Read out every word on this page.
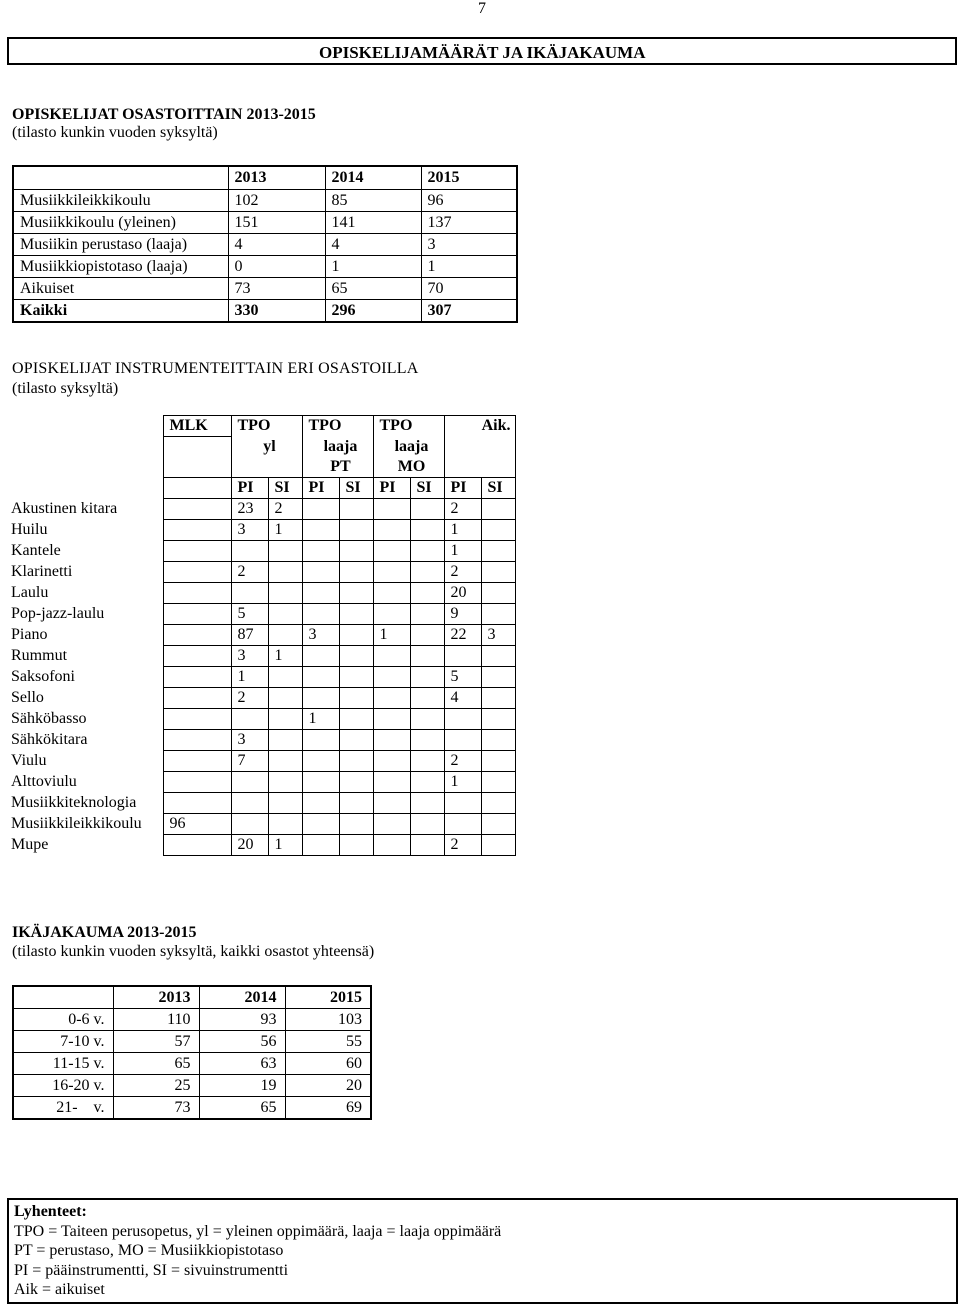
7
OPISKELIJAMÄÄRÄT JA IKÄJAKAUMA
OPISKELIJAT OSASTOITTAIN 2013-2015
(tilasto kunkin vuoden syksyltä)
	2013	2014	2015
Musiikkileikkikoulu	102	85	96
Musiikkikoulu (yleinen)	151	141	137
Musiikin perustaso (laaja)	4	4	3
Musiikkiopistotaso (laaja)	0	1	1
Aikuiset	73	65	70
Kaikki	330	296	307
OPISKELIJAT INSTRUMENTEITTAIN ERI OSASTOILLA
(tilasto syksyltä)
	MLK	TPO		TPO		TPO		Aik.	
		yl		laaja		laaja			
				PT		MO			
		PI	SI	PI	SI	PI	SI	PI	SI
Akustinen kitara		23	2					2	
Huilu		3	1					1	
Kantele								1	
Klarinetti		2						2	
Laulu								20	
Pop-jazz-laulu		5						9	
Piano		87		3		1		22	3
Rummut		3	1						
Saksofoni		1						5	
Sello		2						4	
Sähköbasso				1					
Sähkökitara		3							
Viulu		7						2	
Alttoviulu								1	
Musiikkiteknologia									
Musiikkileikkikoulu	96								
Mupe		20	1					2	
IKÄJAKAUMA 2013-2015
(tilasto kunkin vuoden syksyltä, kaikki osastot yhteensä)
	2013	2014	2015
0-6 v.	110	93	103
7-10 v.	57	56	55
11-15 v.	65	63	60
16-20 v.	25	19	20
21-    v.	73	65	69
Lyhenteet:
TPO = Taiteen perusopetus, yl = yleinen oppimäärä, laaja = laaja oppimäärä
PT = perustaso, MO = Musiikkiopistotaso
PI = pääinstrumentti, SI = sivuinstrumentti
Aik = aikuiset
